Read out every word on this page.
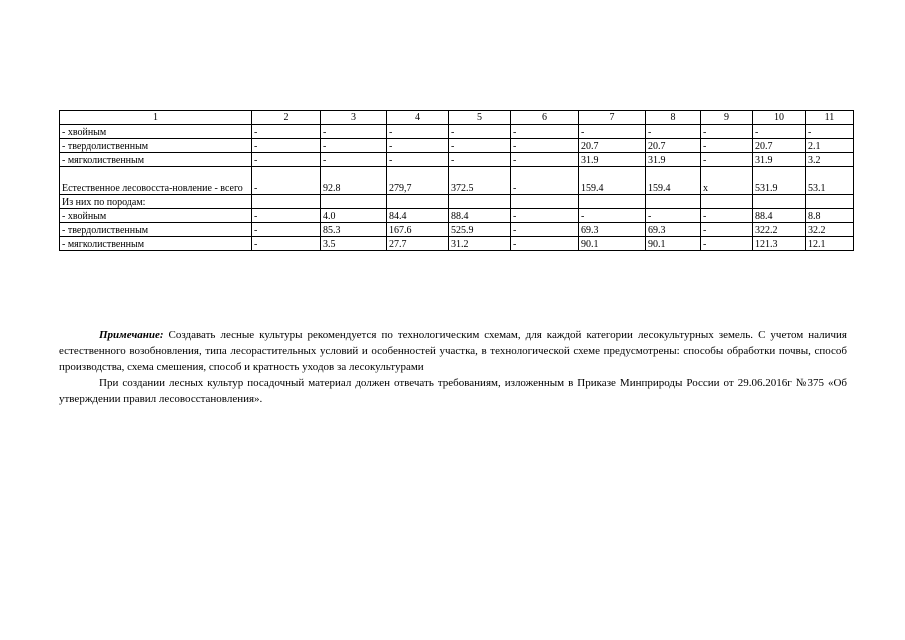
1	2	3	4	5	6	7	8	9	10	11
- хвойным	-	-	-	-	-	-	-	-	-	-
- твердолиственным	-	-	-	-	-	20.7	20.7	-	20.7	2.1
- мягколиственным	-	-	-	-	-	31.9	31.9	-	31.9	3.2
Естественное лесовосста-новление - всего	-	92.8	279,7	372.5	-	159.4	159.4	x	531.9	53.1
Из них по породам:										
- хвойным	-	4.0	84.4	88.4	-	-	-	-	88.4	8.8
- твердолиственным	-	85.3	167.6	525.9	-	69.3	69.3	-	322.2	32.2
- мягколиственным	-	3.5	27.7	31.2	-	90.1	90.1	-	121.3	12.1

Примечание: Создавать лесные культуры рекомендуется по технологическим схемам, для каждой категории лесокультурных земель. С учетом наличия естественного возобновления, типа лесорастительных условий и особенностей участка, в технологической схеме предусмотрены: способы обработки почвы, способ производства, схема смешения, способ и кратность уходов за лесокультурами

При создании лесных культур посадочный материал должен отвечать требованиям, изложенным в Приказе Минприроды России от 29.06.2016г №375 «Об утверждении правил лесовосстановления».
